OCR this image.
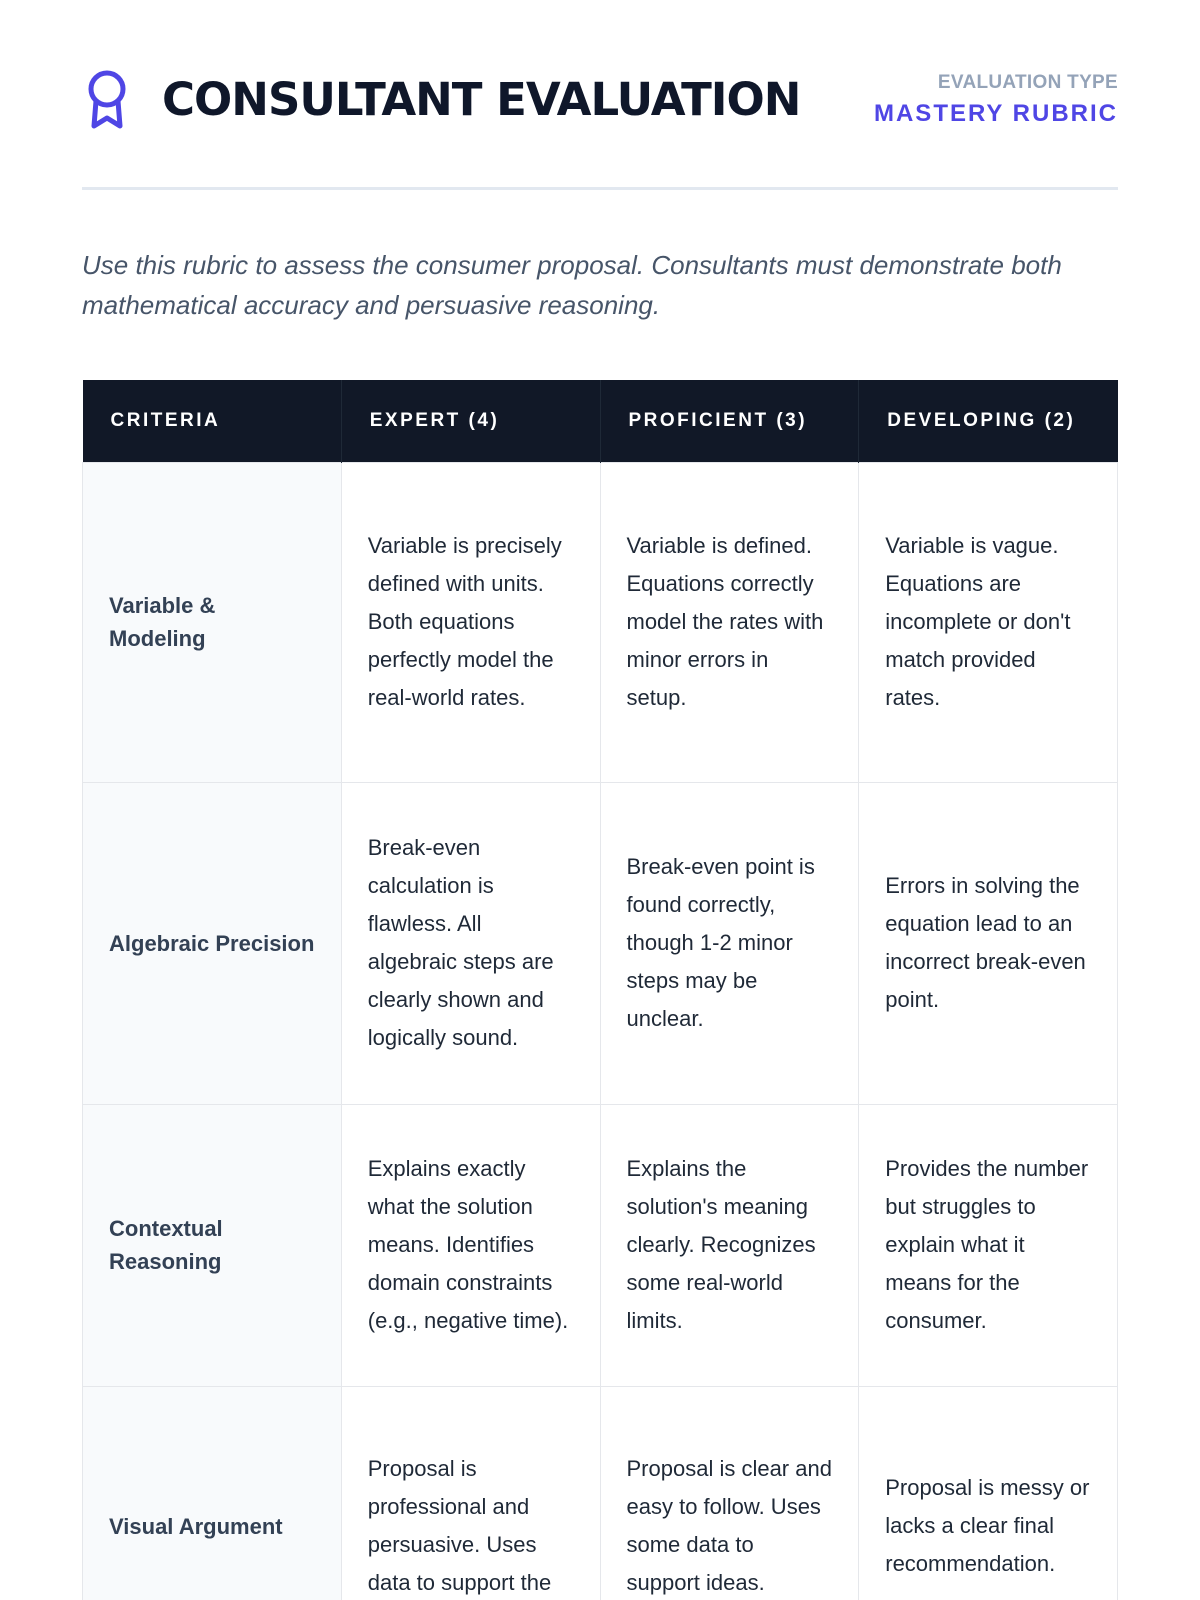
CONSULTANT EVALUATION	EVALUATION TYPE
MASTERY RUBRIC

Use this rubric to assess the consumer proposal. Consultants must demonstrate both mathematical accuracy and persuasive reasoning.

CRITERIA	EXPERT (4)	PROFICIENT (3)	DEVELOPING (2)
Variable & Modeling	Variable is precisely defined with units. Both equations perfectly model the real-world rates.	Variable is defined. Equations correctly model the rates with minor errors in setup.	Variable is vague. Equations are incomplete or don't match provided rates.
Algebraic Precision	Break-even calculation is flawless. All algebraic steps are clearly shown and logically sound.	Break-even point is found correctly, though 1-2 minor steps may be unclear.	Errors in solving the equation lead to an incorrect break-even point.
Contextual Reasoning	Explains exactly what the solution means. Identifies domain constraints (e.g., negative time).	Explains the solution's meaning clearly. Recognizes some real-world limits.	Provides the number but struggles to explain what it means for the consumer.
Visual Argument	Proposal is professional and persuasive. Uses data to support the	Proposal is clear and easy to follow. Uses some data to support ideas.	Proposal is messy or lacks a clear final recommendation.
